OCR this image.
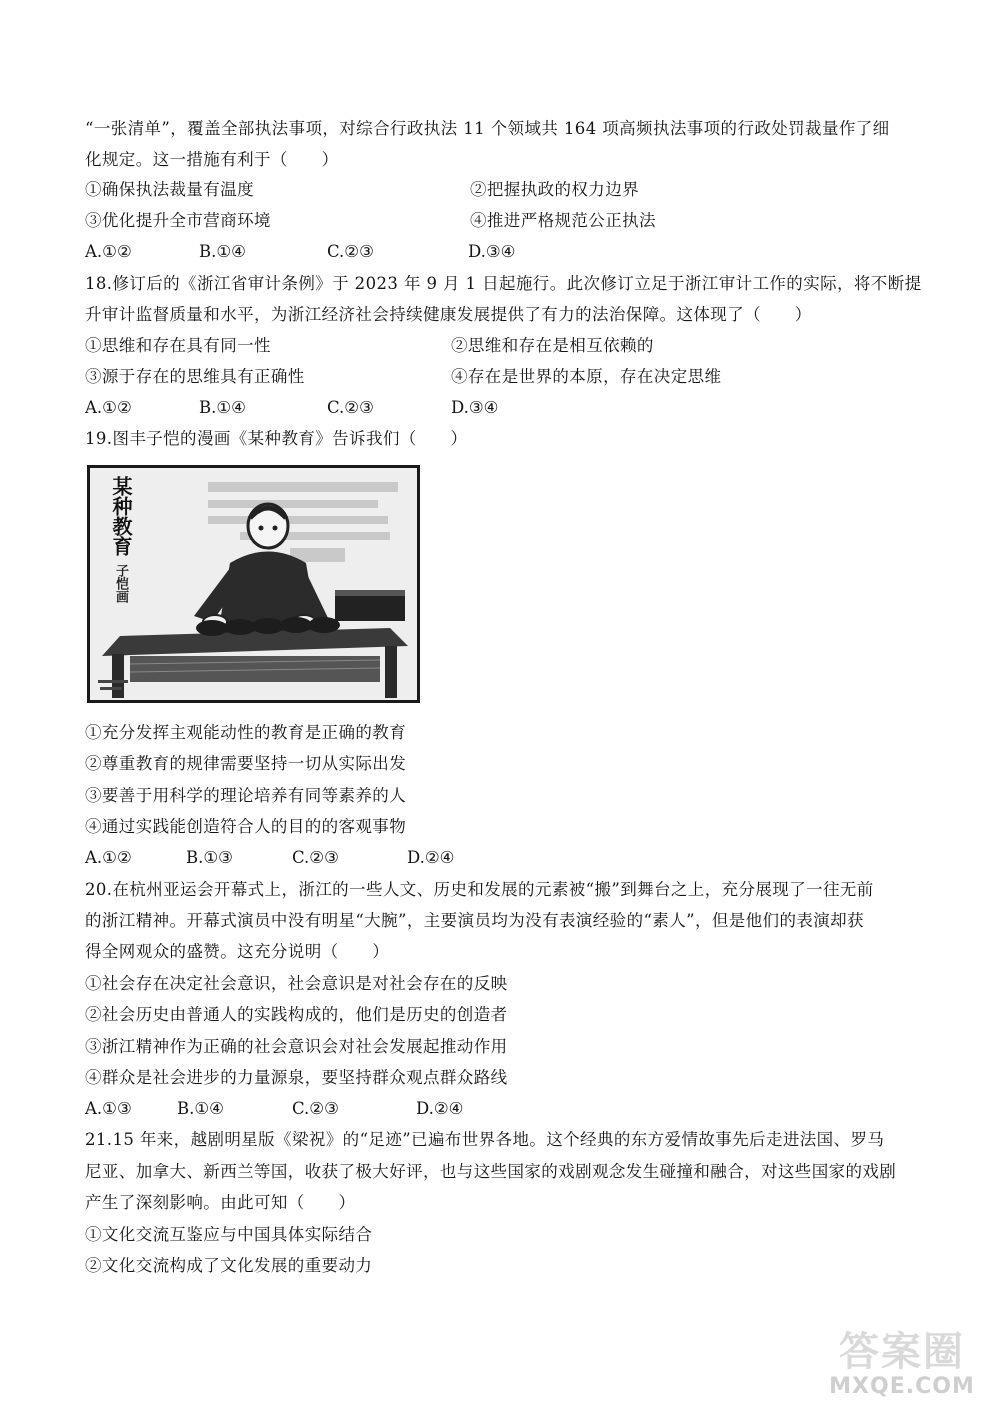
“一张清单”，覆盖全部执法事项，对综合行政执法 11 个领域共 164 项高频执法事项的行政处罚裁量作了细
化规定。这一措施有利于（　　）
①确保执法裁量有温度	②把握执政的权力边界
③优化提升全市营商环境	④推进严格规范公正执法
A.①②	B.①④	C.②③	D.③④
18.修订后的《浙江省审计条例》于 2023 年 9 月 1 日起施行。此次修订立足于浙江审计工作的实际，将不断提
升审计监督质量和水平，为浙江经济社会持续健康发展提供了有力的法治保障。这体现了（　　）
①思维和存在具有同一性	②思维和存在是相互依赖的
③源于存在的思维具有正确性	④存在是世界的本原，存在决定思维
A.①②	B.①④	C.②③	D.③④
19.图丰子恺的漫画《某种教育》告诉我们（　　）
某种教育
子恺画
①充分发挥主观能动性的教育是正确的教育
②尊重教育的规律需要坚持一切从实际出发
③要善于用科学的理论培养有同等素养的人
④通过实践能创造符合人的目的的客观事物
A.①②	B.①③	C.②③	D.②④
20.在杭州亚运会开幕式上，浙江的一些人文、历史和发展的元素被“搬”到舞台之上，充分展现了一往无前
的浙江精神。开幕式演员中没有明星“大腕”，主要演员均为没有表演经验的“素人”，但是他们的表演却获
得全网观众的盛赞。这充分说明（　　）
①社会存在决定社会意识，社会意识是对社会存在的反映
②社会历史由普通人的实践构成的，他们是历史的创造者
③浙江精神作为正确的社会意识会对社会发展起推动作用
④群众是社会进步的力量源泉，要坚持群众观点群众路线
A.①③	B.①④	C.②③	D.②④
21.15 年来，越剧明星版《梁祝》的“足迹”已遍布世界各地。这个经典的东方爱情故事先后走进法国、罗马
尼亚、加拿大、新西兰等国，收获了极大好评，也与这些国家的戏剧观念发生碰撞和融合，对这些国家的戏剧
产生了深刻影响。由此可知（　　）
①文化交流互鉴应与中国具体实际结合
②文化交流构成了文化发展的重要动力
答案圈
MXQE.COM
